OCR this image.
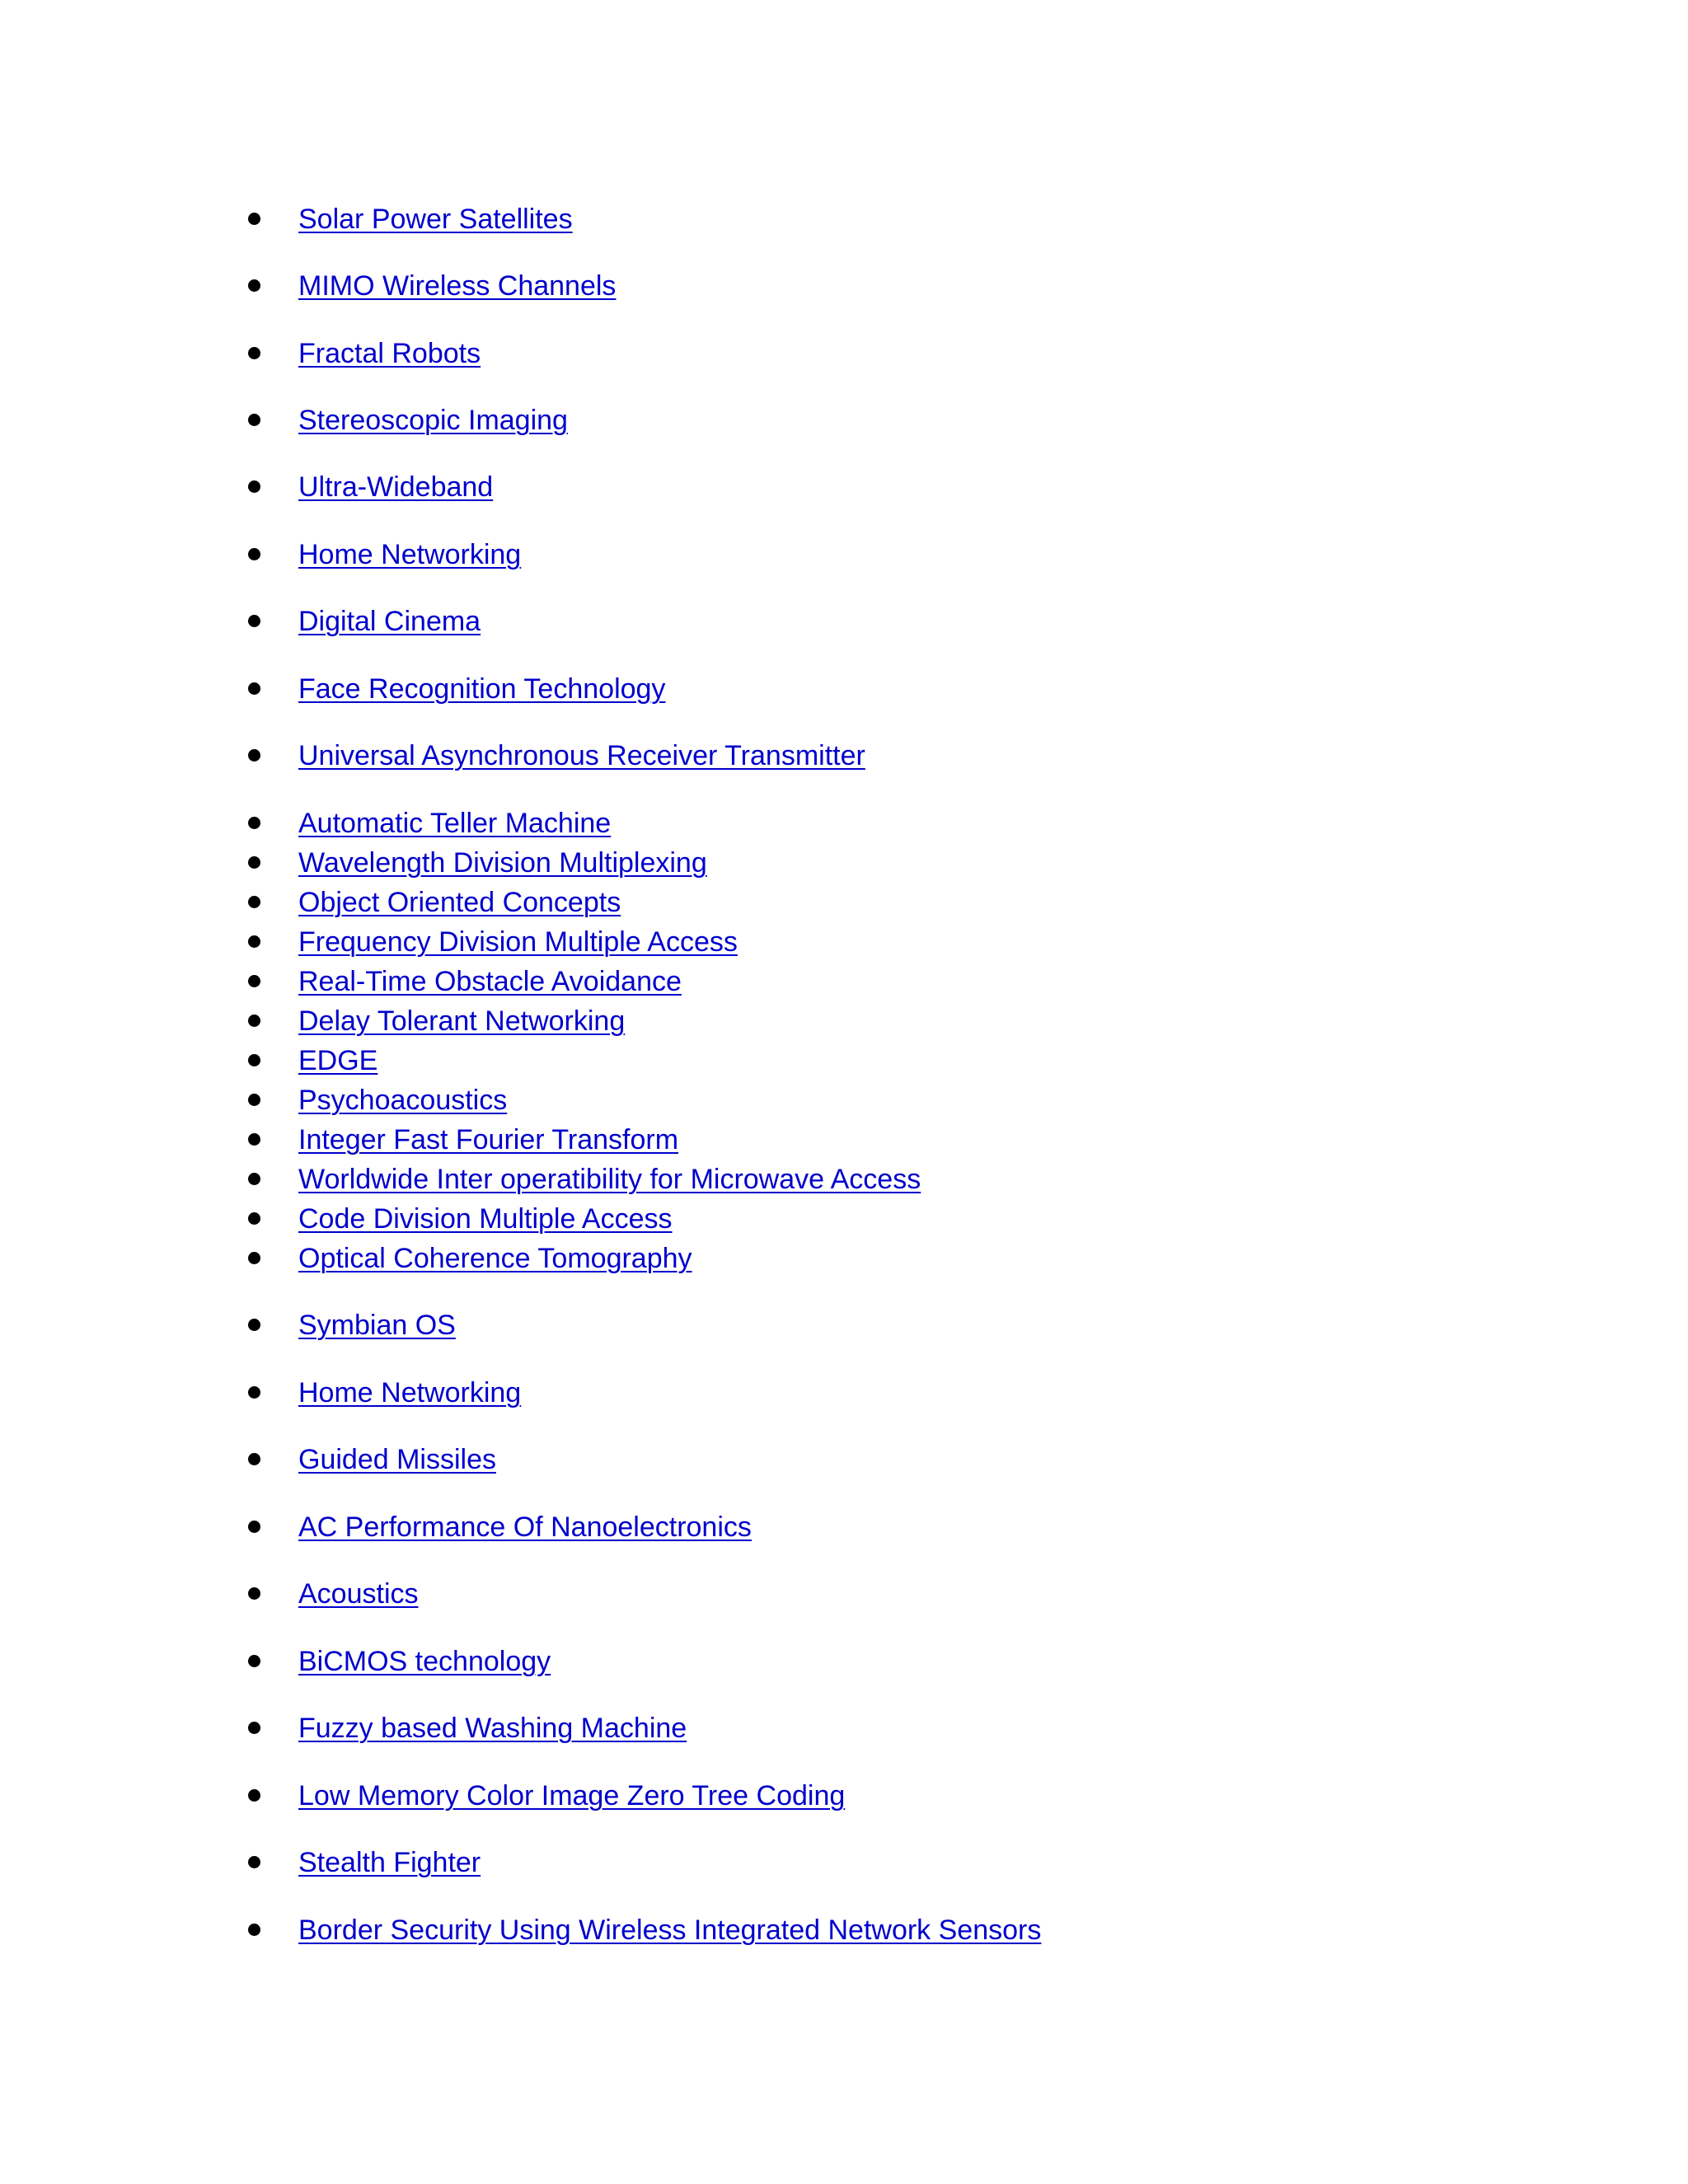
Solar Power Satellites
MIMO Wireless Channels
Fractal Robots
Stereoscopic Imaging
Ultra-Wideband
Home Networking
Digital Cinema
Face Recognition Technology
Universal Asynchronous Receiver Transmitter
Automatic Teller Machine
Wavelength Division Multiplexing
Object Oriented Concepts
Frequency Division Multiple Access
Real-Time Obstacle Avoidance
Delay Tolerant Networking
EDGE
Psychoacoustics
Integer Fast Fourier Transform
Worldwide Inter operatibility for Microwave Access
Code Division Multiple Access
Optical Coherence Tomography
Symbian OS
Home Networking
Guided Missiles
AC Performance Of Nanoelectronics
Acoustics
BiCMOS technology
Fuzzy based Washing Machine
Low Memory Color Image Zero Tree Coding
Stealth Fighter
Border Security Using Wireless Integrated Network Sensors
